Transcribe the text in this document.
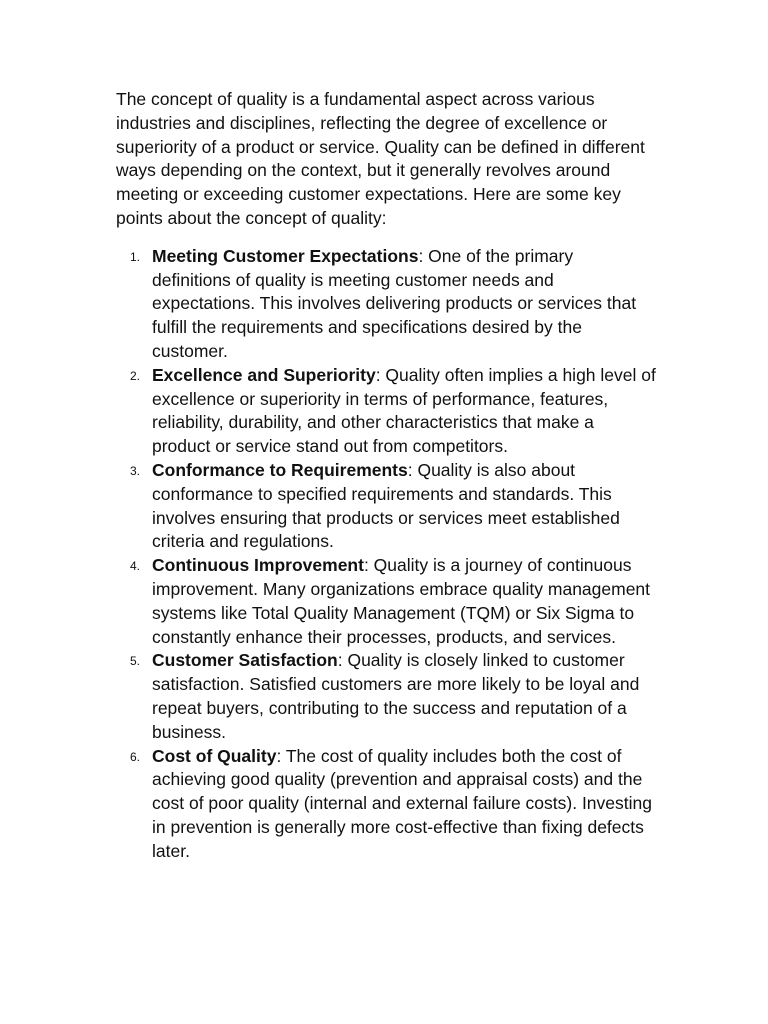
The concept of quality is a fundamental aspect across various industries and disciplines, reflecting the degree of excellence or superiority of a product or service. Quality can be defined in different ways depending on the context, but it generally revolves around meeting or exceeding customer expectations. Here are some key points about the concept of quality:

1. Meeting Customer Expectations: One of the primary definitions of quality is meeting customer needs and expectations. This involves delivering products or services that fulfill the requirements and specifications desired by the customer.
2. Excellence and Superiority: Quality often implies a high level of excellence or superiority in terms of performance, features, reliability, durability, and other characteristics that make a product or service stand out from competitors.
3. Conformance to Requirements: Quality is also about conformance to specified requirements and standards. This involves ensuring that products or services meet established criteria and regulations.
4. Continuous Improvement: Quality is a journey of continuous improvement. Many organizations embrace quality management systems like Total Quality Management (TQM) or Six Sigma to constantly enhance their processes, products, and services.
5. Customer Satisfaction: Quality is closely linked to customer satisfaction. Satisfied customers are more likely to be loyal and repeat buyers, contributing to the success and reputation of a business.
6. Cost of Quality: The cost of quality includes both the cost of achieving good quality (prevention and appraisal costs) and the cost of poor quality (internal and external failure costs). Investing in prevention is generally more cost-effective than fixing defects later.
